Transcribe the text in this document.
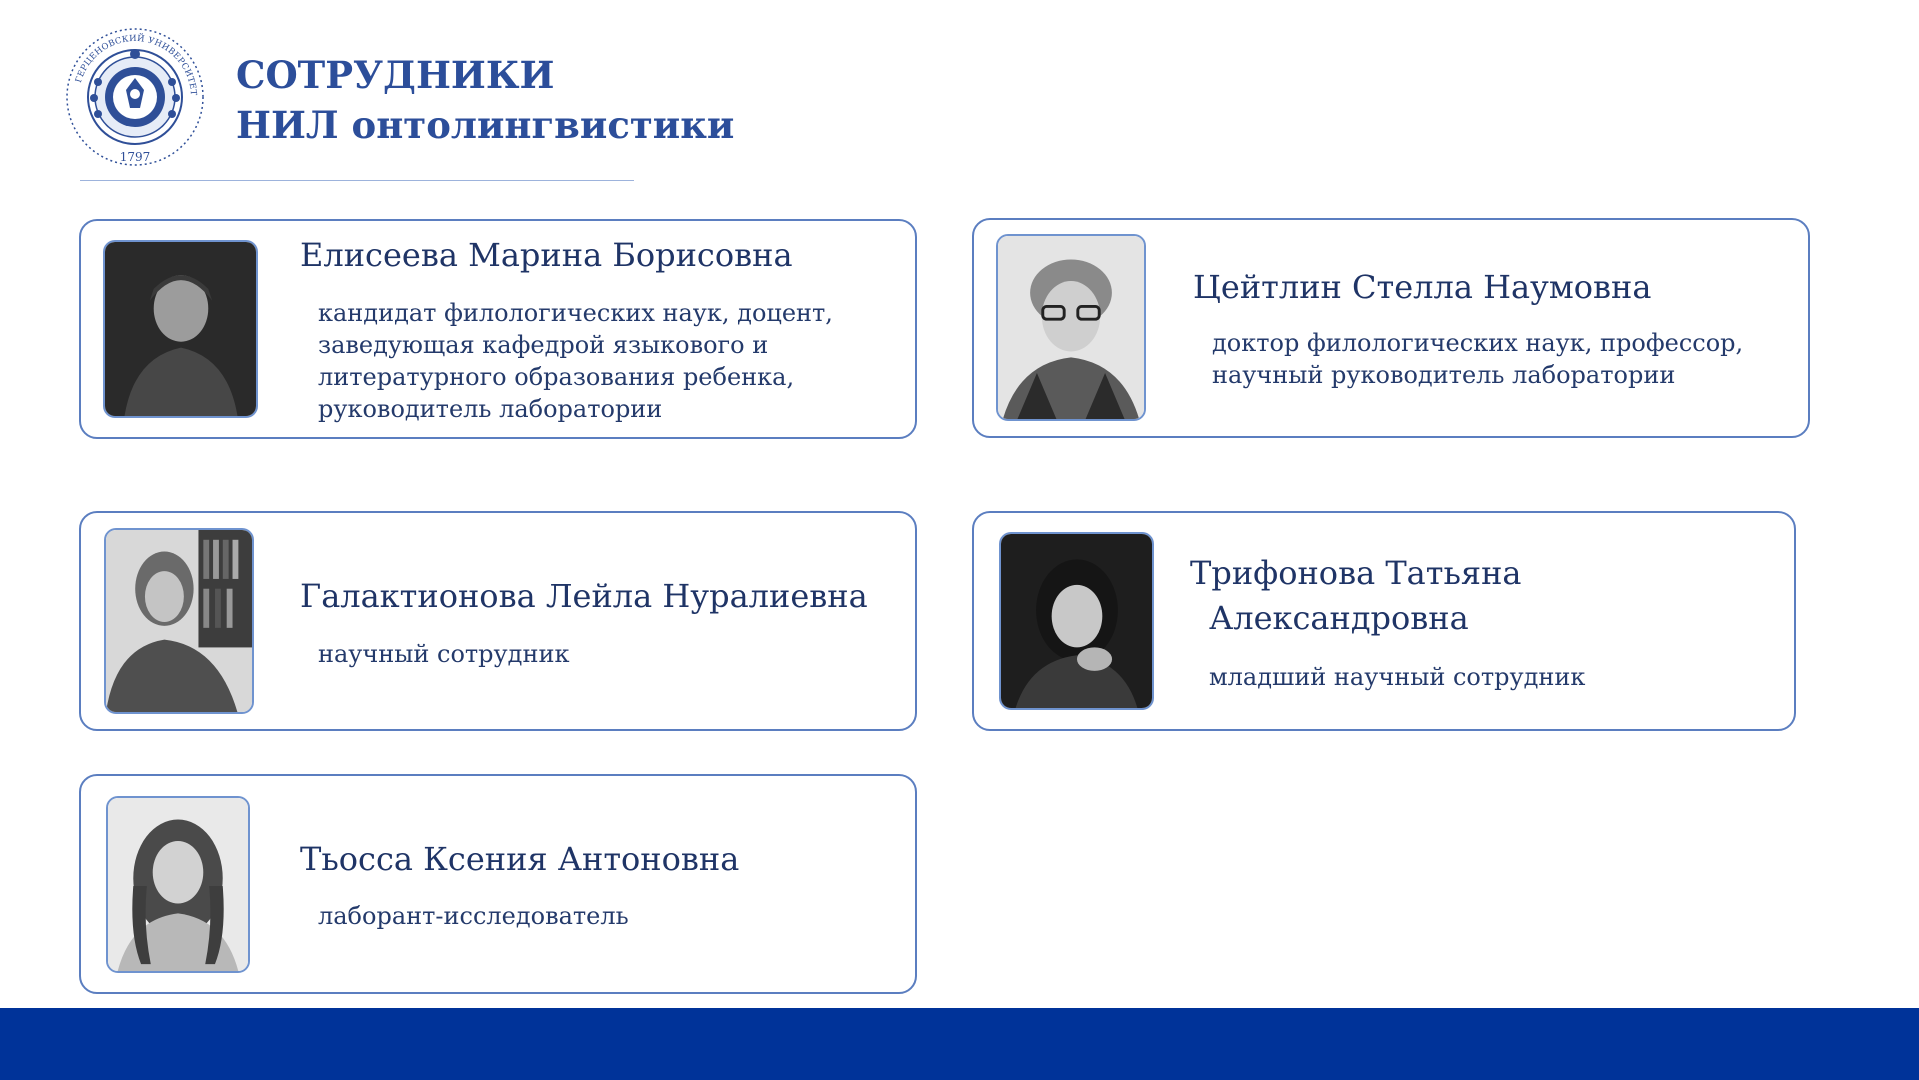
ГЕРЦЕНОВСКИЙ УНИВЕРСИТЕТ
1797
СОТРУДНИКИ
НИЛ онтолингвистики
Елисеева Марина Борисовна
кандидат филологических наук, доцент,
заведующая кафедрой языкового и
литературного образования ребенка,
руководитель лаборатории
Цейтлин Стелла Наумовна
доктор филологических наук, профессор,
научный руководитель лаборатории
Галактионова Лейла Нуралиевна
научный сотрудник
Трифонова Татьяна
Александровна
младший научный сотрудник
Тьосса Ксения Антоновна
лаборант-исследователь
